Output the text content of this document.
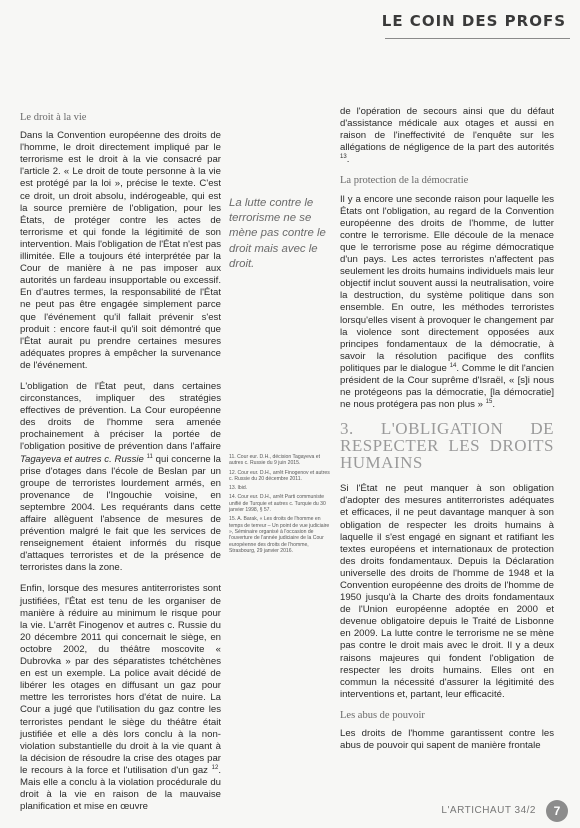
LE COIN DES PROFS
Le droit à la vie

Dans la Convention européenne des droits de l'homme, le droit directement impliqué par le terrorisme est le droit à la vie consacré par l'article 2. « Le droit de toute personne à la vie est protégé par la loi », précise le texte. C'est ce droit, un droit absolu, indérogeable, qui est la source première de l'obligation, pour les États, de protéger contre les actes de terrorisme et qui fonde la légitimité de son intervention. Mais l'obligation de l'État n'est pas illimitée. Elle a toujours été interprétée par la Cour de manière à ne pas imposer aux autorités un fardeau insupportable ou excessif. En d'autres termes, la responsabilité de l'État ne peut pas être engagée simplement parce que l'événement qu'il fallait prévenir s'est produit : encore faut-il qu'il soit démontré que l'État aurait pu prendre certaines mesures adéquates propres à empêcher la survenance de l'événement.

L'obligation de l'État peut, dans certaines circonstances, impliquer des stratégies effectives de prévention. La Cour européenne des droits de l'homme sera amenée prochainement à préciser la portée de l'obligation positive de prévention dans l'affaire Tagayeva et autres c. Russie $^{11}$ qui concerne la prise d'otages dans l'école de Beslan par un groupe de terroristes lourdement armés, en provenance de l'Ingouchie voisine, en septembre 2004. Les requérants dans cette affaire allèguent l'absence de mesures de prévention malgré le fait que les services de renseignement étaient informés du risque d'attaques terroristes et de la présence de terroristes dans la zone.

Enfin, lorsque des mesures antiterroristes sont justifiées, l'État est tenu de les organiser de manière à réduire au minimum le risque pour la vie. L'arrêt Finogenov et autres c. Russie du 20 décembre 2011 qui concernait le siège, en octobre 2002, du théâtre moscovite « Dubrovka » par des séparatistes tchétchènes en est un exemple. La police avait décidé de libérer les otages en diffusant un gaz pour mettre les terroristes hors d'état de nuire. La Cour a jugé que l'utilisation du gaz contre les terroristes pendant le siège du théâtre était justifiée et elle a dès lors conclu à la non-violation substantielle du droit à la vie quant à la décision de résoudre la crise des otages par le recours à la force et l'utilisation d'un gaz $^{12}$. Mais elle a conclu à la violation procédurale du droit à la vie en raison de la mauvaise planification et mise en œuvre

La lutte contre le terrorisme ne se mène pas contre le droit mais avec le droit.
11. Cour eur. D.H., décision Tagayeva et autres c. Russie du 9 juin 2015.
12. Cour eur. D.H., arrêt Finogenov et autres c. Russie du 20 décembre 2011.
13. Ibid.
14. Cour eur. D.H., arrêt Parti communiste unifié de Turquie et autres c. Turquie du 30 janvier 1998, § 57.
15. A. Barak, « Les droits de l'homme en temps de terreur – Un point de vue judiciaire », Séminaire organisé à l'occasion de l'ouverture de l'année judiciaire de la Cour européenne des droits de l'homme, Strasbourg, 29 janvier 2016.

de l'opération de secours ainsi que du défaut d'assistance médicale aux otages et aussi en raison de l'ineffectivité de l'enquête sur les allégations de négligence de la part des autorités $^{13}$.

La protection de la démocratie

Il y a encore une seconde raison pour laquelle les États ont l'obligation, au regard de la Convention européenne des droits de l'homme, de lutter contre le terrorisme. Elle découle de la menace que le terrorisme pose au régime démocratique d'un pays. Les actes terroristes n'affectent pas seulement les droits humains individuels mais leur objectif inclut souvent aussi la neutralisation, voire la destruction, du système politique dans son ensemble. En outre, les méthodes terroristes lorsqu'elles visent à provoquer le changement par la violence sont directement opposées aux principes fondamentaux de la démocratie, à savoir la résolution pacifique des conflits politiques par le dialogue $^{14}$. Comme le dit l'ancien président de la Cour suprême d'Israël, « [s]i nous ne protégeons pas la démocratie, [la démocratie] ne nous protégera pas non plus » $^{15}$.

3. L'OBLIGATION DE RESPECTER LES DROITS HUMAINS

Si l'État ne peut manquer à son obligation d'adopter des mesures antiterroristes adéquates et efficaces, il ne peut davantage manquer à son obligation de respecter les droits humains à laquelle il s'est engagé en signant et ratifiant les textes européens et internationaux de protection des droits fondamentaux. Depuis la Déclaration universelle des droits de l'homme de 1948 et la Convention européenne des droits de l'homme de 1950 jusqu'à la Charte des droits fondamentaux de l'Union européenne adoptée en 2000 et devenue obligatoire depuis le Traité de Lisbonne en 2009. La lutte contre le terrorisme ne se mène pas contre le droit mais avec le droit. Il y a deux raisons majeures qui fondent l'obligation de respecter les droits humains. Elles ont en commun la nécessité d'assurer la légitimité des interventions et, partant, leur efficacité.

Les abus de pouvoir

Les droits de l'homme garantissent contre les abus de pouvoir qui sapent de manière frontale

L'ARTICHAUT 34/2	7
